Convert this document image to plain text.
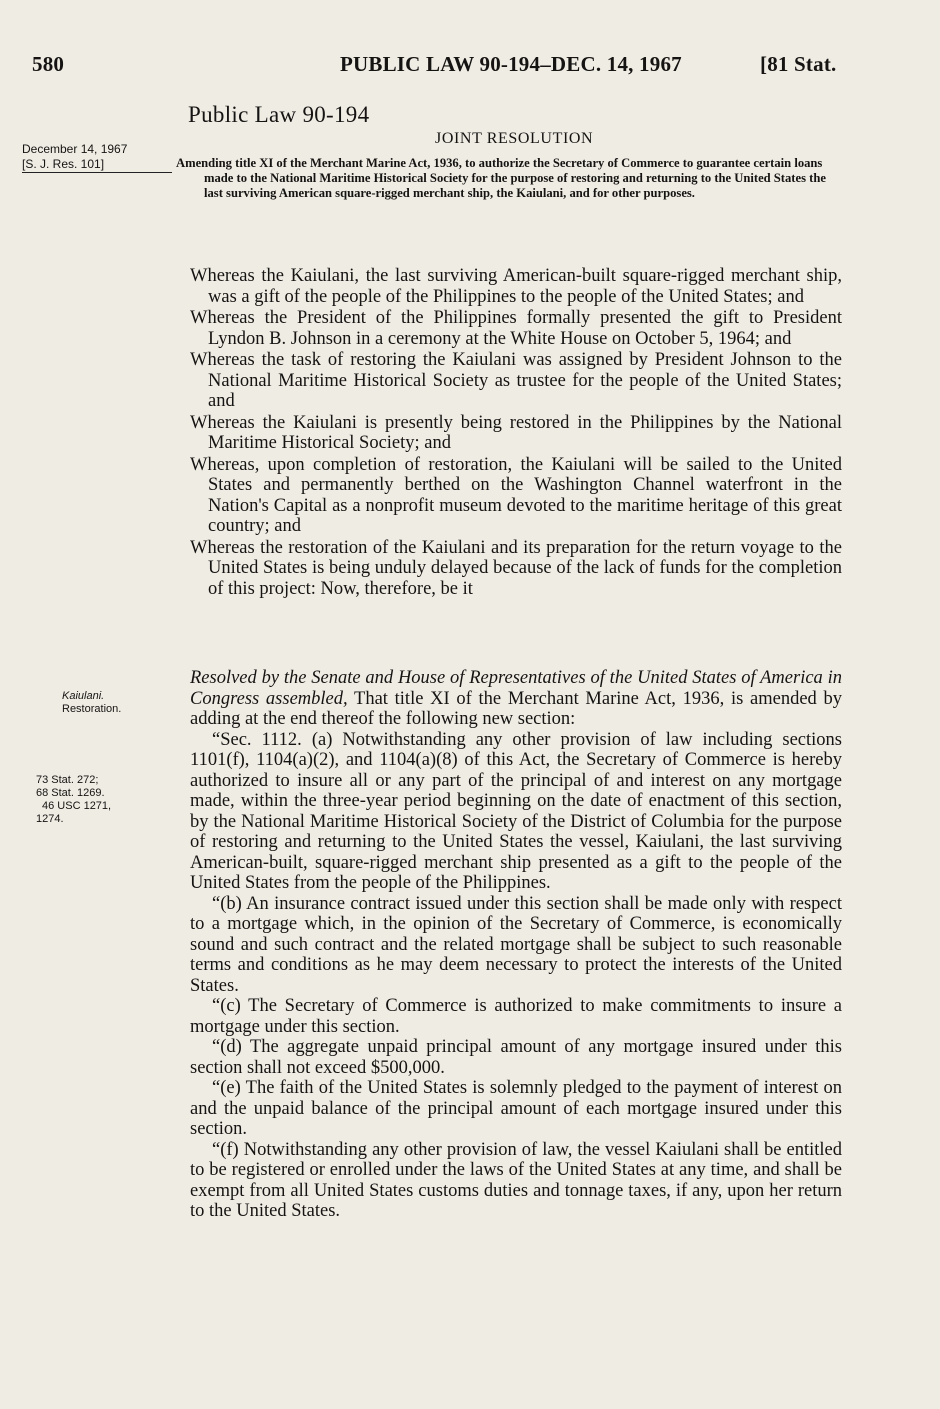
580	PUBLIC LAW 90-194–DEC. 14, 1967	[81 Stat.
Public Law 90-194
December 14, 1967
[S. J. Res. 101]
JOINT RESOLUTION
Amending title XI of the Merchant Marine Act, 1936, to authorize the Secretary of Commerce to guarantee certain loans made to the National Maritime Historical Society for the purpose of restoring and returning to the United States the last surviving American square-rigged merchant ship, the Kaiulani, and for other purposes.

Whereas the Kaiulani, the last surviving American-built square-rigged merchant ship, was a gift of the people of the Philippines to the people of the United States; and

Whereas the President of the Philippines formally presented the gift to President Lyndon B. Johnson in a ceremony at the White House on October 5, 1964; and

Whereas the task of restoring the Kaiulani was assigned by President Johnson to the National Maritime Historical Society as trustee for the people of the United States; and

Whereas the Kaiulani is presently being restored in the Philippines by the National Maritime Historical Society; and

Whereas, upon completion of restoration, the Kaiulani will be sailed to the United States and permanently berthed on the Washington Channel waterfront in the Nation's Capital as a nonprofit museum devoted to the maritime heritage of this great country; and

Whereas the restoration of the Kaiulani and its preparation for the return voyage to the United States is being unduly delayed because of the lack of funds for the completion of this project: Now, therefore, be it

Kaiulani.
Restoration.
73 Stat. 272;
68 Stat. 1269.
46 USC 1271,
1274.

Resolved by the Senate and House of Representatives of the United States of America in Congress assembled, That title XI of the Merchant Marine Act, 1936, is amended by adding at the end thereof the following new section:

“Sec. 1112. (a) Notwithstanding any other provision of law including sections 1101(f), 1104(a)(2), and 1104(a)(8) of this Act, the Secretary of Commerce is hereby authorized to insure all or any part of the principal of and interest on any mortgage made, within the three-year period beginning on the date of enactment of this section, by the National Maritime Historical Society of the District of Columbia for the purpose of restoring and returning to the United States the vessel, Kaiulani, the last surviving American-built, square-rigged merchant ship presented as a gift to the people of the United States from the people of the Philippines.

“(b) An insurance contract issued under this section shall be made only with respect to a mortgage which, in the opinion of the Secretary of Commerce, is economically sound and such contract and the related mortgage shall be subject to such reasonable terms and conditions as he may deem necessary to protect the interests of the United States.

“(c) The Secretary of Commerce is authorized to make commitments to insure a mortgage under this section.

“(d) The aggregate unpaid principal amount of any mortgage insured under this section shall not exceed $500,000.

“(e) The faith of the United States is solemnly pledged to the payment of interest on and the unpaid balance of the principal amount of each mortgage insured under this section.

“(f) Notwithstanding any other provision of law, the vessel Kaiulani shall be entitled to be registered or enrolled under the laws of the United States at any time, and shall be exempt from all United States customs duties and tonnage taxes, if any, upon her return to the United States.
